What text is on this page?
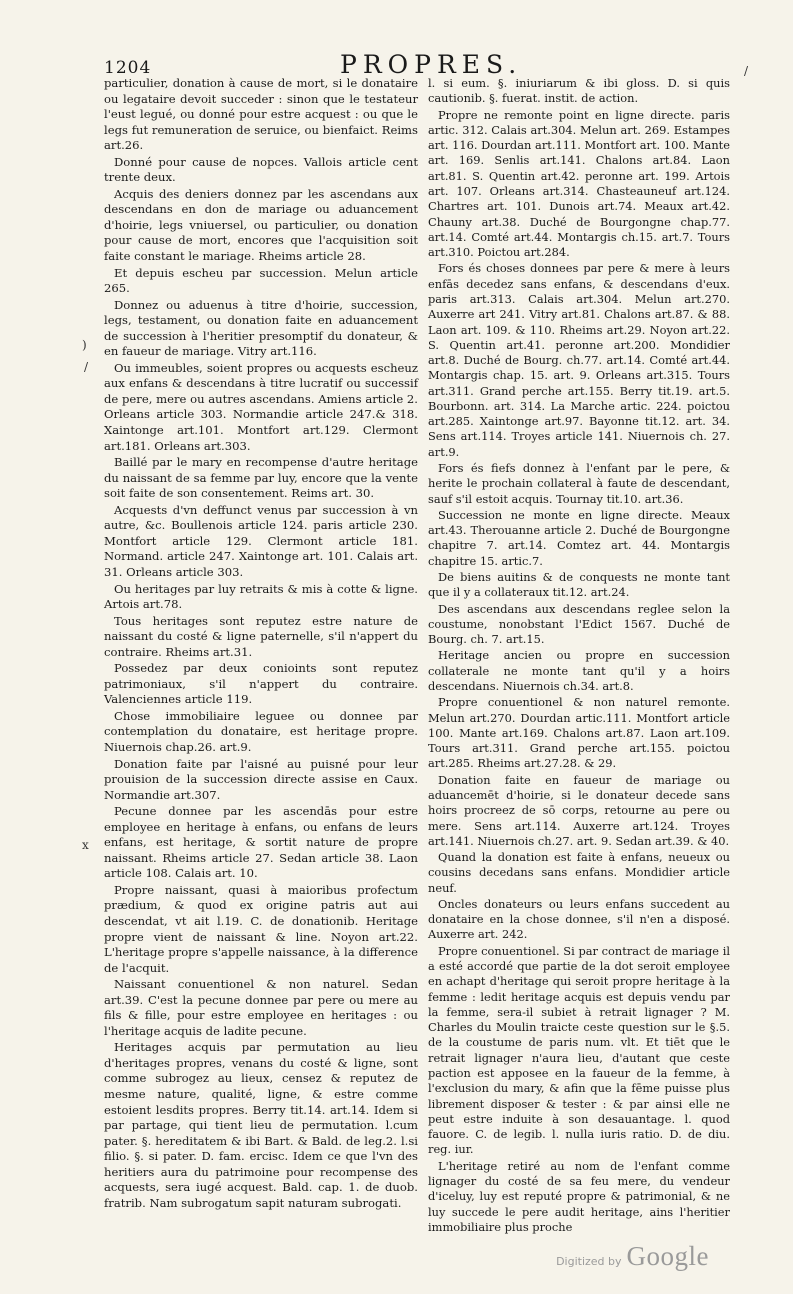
1204	PROPRES.	/
)
/
x

particulier, donation à cause de mort, si le donataire ou legataire devoit succeder : sinon que le testateur l'eust legué, ou donné pour estre acquest : ou que le legs fut remuneration de seruice, ou bienfaict. Reims art.26.

Donné pour cause de nopces. Vallois article cent trente deux.

Acquis des deniers donnez par les ascendans aux descendans en don de mariage ou aduancement d'hoirie, legs vniuersel, ou particulier, ou donation pour cause de mort, encores que l'acquisition soit faite constant le mariage. Rheims article 28.

Et depuis escheu par succession. Melun article 265.

Donnez ou aduenus à titre d'hoirie, succession, legs, testament, ou donation faite en aduancement de succession à l'heritier presomptif du donateur, & en faueur de mariage. Vitry art.116.

Ou immeubles, soient propres ou acquests escheuz aux enfans & descendans à titre lucratif ou successif de pere, mere ou autres ascendans. Amiens article 2. Orleans article 303. Normandie article 247.& 318. Xaintonge art.101. Montfort art.129. Clermont art.181. Orleans art.303.

Baillé par le mary en recompense d'autre heritage du naissant de sa femme par luy, encore que la vente soit faite de son consentement. Reims art. 30.

Acquests d'vn deffunct venus par succession à vn autre, &c. Boullenois article 124. paris article 230. Montfort article 129. Clermont article 181. Normand. article 247. Xaintonge art. 101. Calais art. 31. Orleans article 303.

Ou heritages par luy retraits & mis à cotte & ligne. Artois art.78.

Tous heritages sont reputez estre nature de naissant du costé & ligne paternelle, s'il n'appert du contraire. Rheims art.31.

Possedez par deux conioints sont reputez patrimoniaux, s'il n'appert du contraire. Valenciennes article 119.

Chose immobiliaire leguee ou donnee par contemplation du donataire, est heritage propre. Niuernois chap.26. art.9.

Donation faite par l'aisné au puisné pour leur prouision de la succession directe assise en Caux. Normandie art.307.

Pecune donnee par les ascendās pour estre employee en heritage à enfans, ou enfans de leurs enfans, est heritage, & sortit nature de propre naissant. Rheims article 27. Sedan article 38. Laon article 108. Calais art. 10.

Propre naissant, quasi à maioribus profectum prædium, & quod ex origine patris aut aui descendat, vt ait l.19. C. de donationib. Heritage propre vient de naissant & line. Noyon art.22. L'heritage propre s'appelle naissance, à la difference de l'acquit.

Naissant conuentionel & non naturel. Sedan art.39. C'est la pecune donnee par pere ou mere au fils & fille, pour estre employee en heritages : ou l'heritage acquis de ladite pecune.

Heritages acquis par permutation au lieu d'heritages propres, venans du costé & ligne, sont comme subrogez au lieux, censez & reputez de mesme nature, qualité, ligne, & estre comme estoient lesdits propres. Berry tit.14. art.14. Idem si par partage, qui tient lieu de permutation. l.cum pater. §. hereditatem & ibi Bart. & Bald. de leg.2. l.si filio. §. si pater. D. fam. ercisc. Idem ce que l'vn des heritiers aura du patrimoine pour recompense des acquests, sera iugé acquest. Bald. cap. 1. de duob. fratrib. Nam subrogatum sapit naturam subrogati.

l. si eum. §. iniuriarum & ibi gloss. D. si quis cautionib. §. fuerat. instit. de action.

Propre ne remonte point en ligne directe. paris artic. 312. Calais art.304. Melun art. 269. Estampes art. 116. Dourdan art.111. Montfort art. 100. Mante art. 169. Senlis art.141. Chalons art.84. Laon art.81. S. Quentin art.42. peronne art. 199. Artois art. 107. Orleans art.314. Chasteauneuf art.124. Chartres art. 101. Dunois art.74. Meaux art.42. Chauny art.38. Duché de Bourgongne chap.77. art.14. Comté art.44. Montargis ch.15. art.7. Tours art.310. Poictou art.284.

Fors és choses donnees par pere & mere à leurs enfās decedez sans enfans, & descendans d'eux. paris art.313. Calais art.304. Melun art.270. Auxerre art 241. Vitry art.81. Chalons art.87. & 88. Laon art. 109. & 110. Rheims art.29. Noyon art.22. S. Quentin art.41. peronne art.200. Mondidier art.8. Duché de Bourg. ch.77. art.14. Comté art.44. Montargis chap. 15. art. 9. Orleans art.315. Tours art.311. Grand perche art.155. Berry tit.19. art.5. Bourbonn. art. 314. La Marche artic. 224. poictou art.285. Xaintonge art.97. Bayonne tit.12. art. 34. Sens art.114. Troyes article 141. Niuernois ch. 27. art.9.

Fors és fiefs donnez à l'enfant par le pere, & herite le prochain collateral à faute de descendant, sauf s'il estoit acquis. Tournay tit.10. art.36.

Succession ne monte en ligne directe. Meaux art.43. Therouanne article 2. Duché de Bourgongne chapitre 7. art.14. Comtez art. 44. Montargis chapitre 15. artic.7.

De biens auitins & de conquests ne monte tant que il y a collateraux tit.12. art.24.

Des ascendans aux descendans reglee selon la coustume, nonobstant l'Edict 1567. Duché de Bourg. ch. 7. art.15.

Heritage ancien ou propre en succession collaterale ne monte tant qu'il y a hoirs descendans. Niuernois ch.34. art.8.

Propre conuentionel & non naturel remonte. Melun art.270. Dourdan artic.111. Montfort article 100. Mante art.169. Chalons art.87. Laon art.109. Tours art.311. Grand perche art.155. poictou art.285. Rheims art.27.28. & 29.

Donation faite en faueur de mariage ou aduancemēt d'hoirie, si le donateur decede sans hoirs procreez de sō corps, retourne au pere ou mere. Sens art.114. Auxerre art.124. Troyes art.141. Niuernois ch.27. art. 9. Sedan art.39. & 40.

Quand la donation est faite à enfans, neueux ou cousins decedans sans enfans. Mondidier article neuf.

Oncles donateurs ou leurs enfans succedent au donataire en la chose donnee, s'il n'en a disposé. Auxerre art. 242.

Propre conuentionel. Si par contract de mariage il a esté accordé que partie de la dot seroit employee en achapt d'heritage qui seroit propre heritage à la femme : ledit heritage acquis est depuis vendu par la femme, sera-il subiet à retrait lignager ? M. Charles du Moulin traicte ceste question sur le §.5. de la coustume de paris num. vlt. Et tiēt que le retrait lignager n'aura lieu, d'autant que ceste paction est apposee en la faueur de la femme, à l'exclusion du mary, & afin que la fēme puisse plus librement disposer & tester : & par ainsi elle ne peut estre induite à son desauantage. l. quod fauore. C. de legib. l. nulla iuris ratio. D. de diu. reg. iur.

L'heritage retiré au nom de l'enfant comme lignager du costé de sa feu mere, du vendeur d'iceluy, luy est reputé propre & patrimonial, & ne luy succede le pere audit heritage, ains l'heritier immobiliaire plus proche

Digitized by Google
